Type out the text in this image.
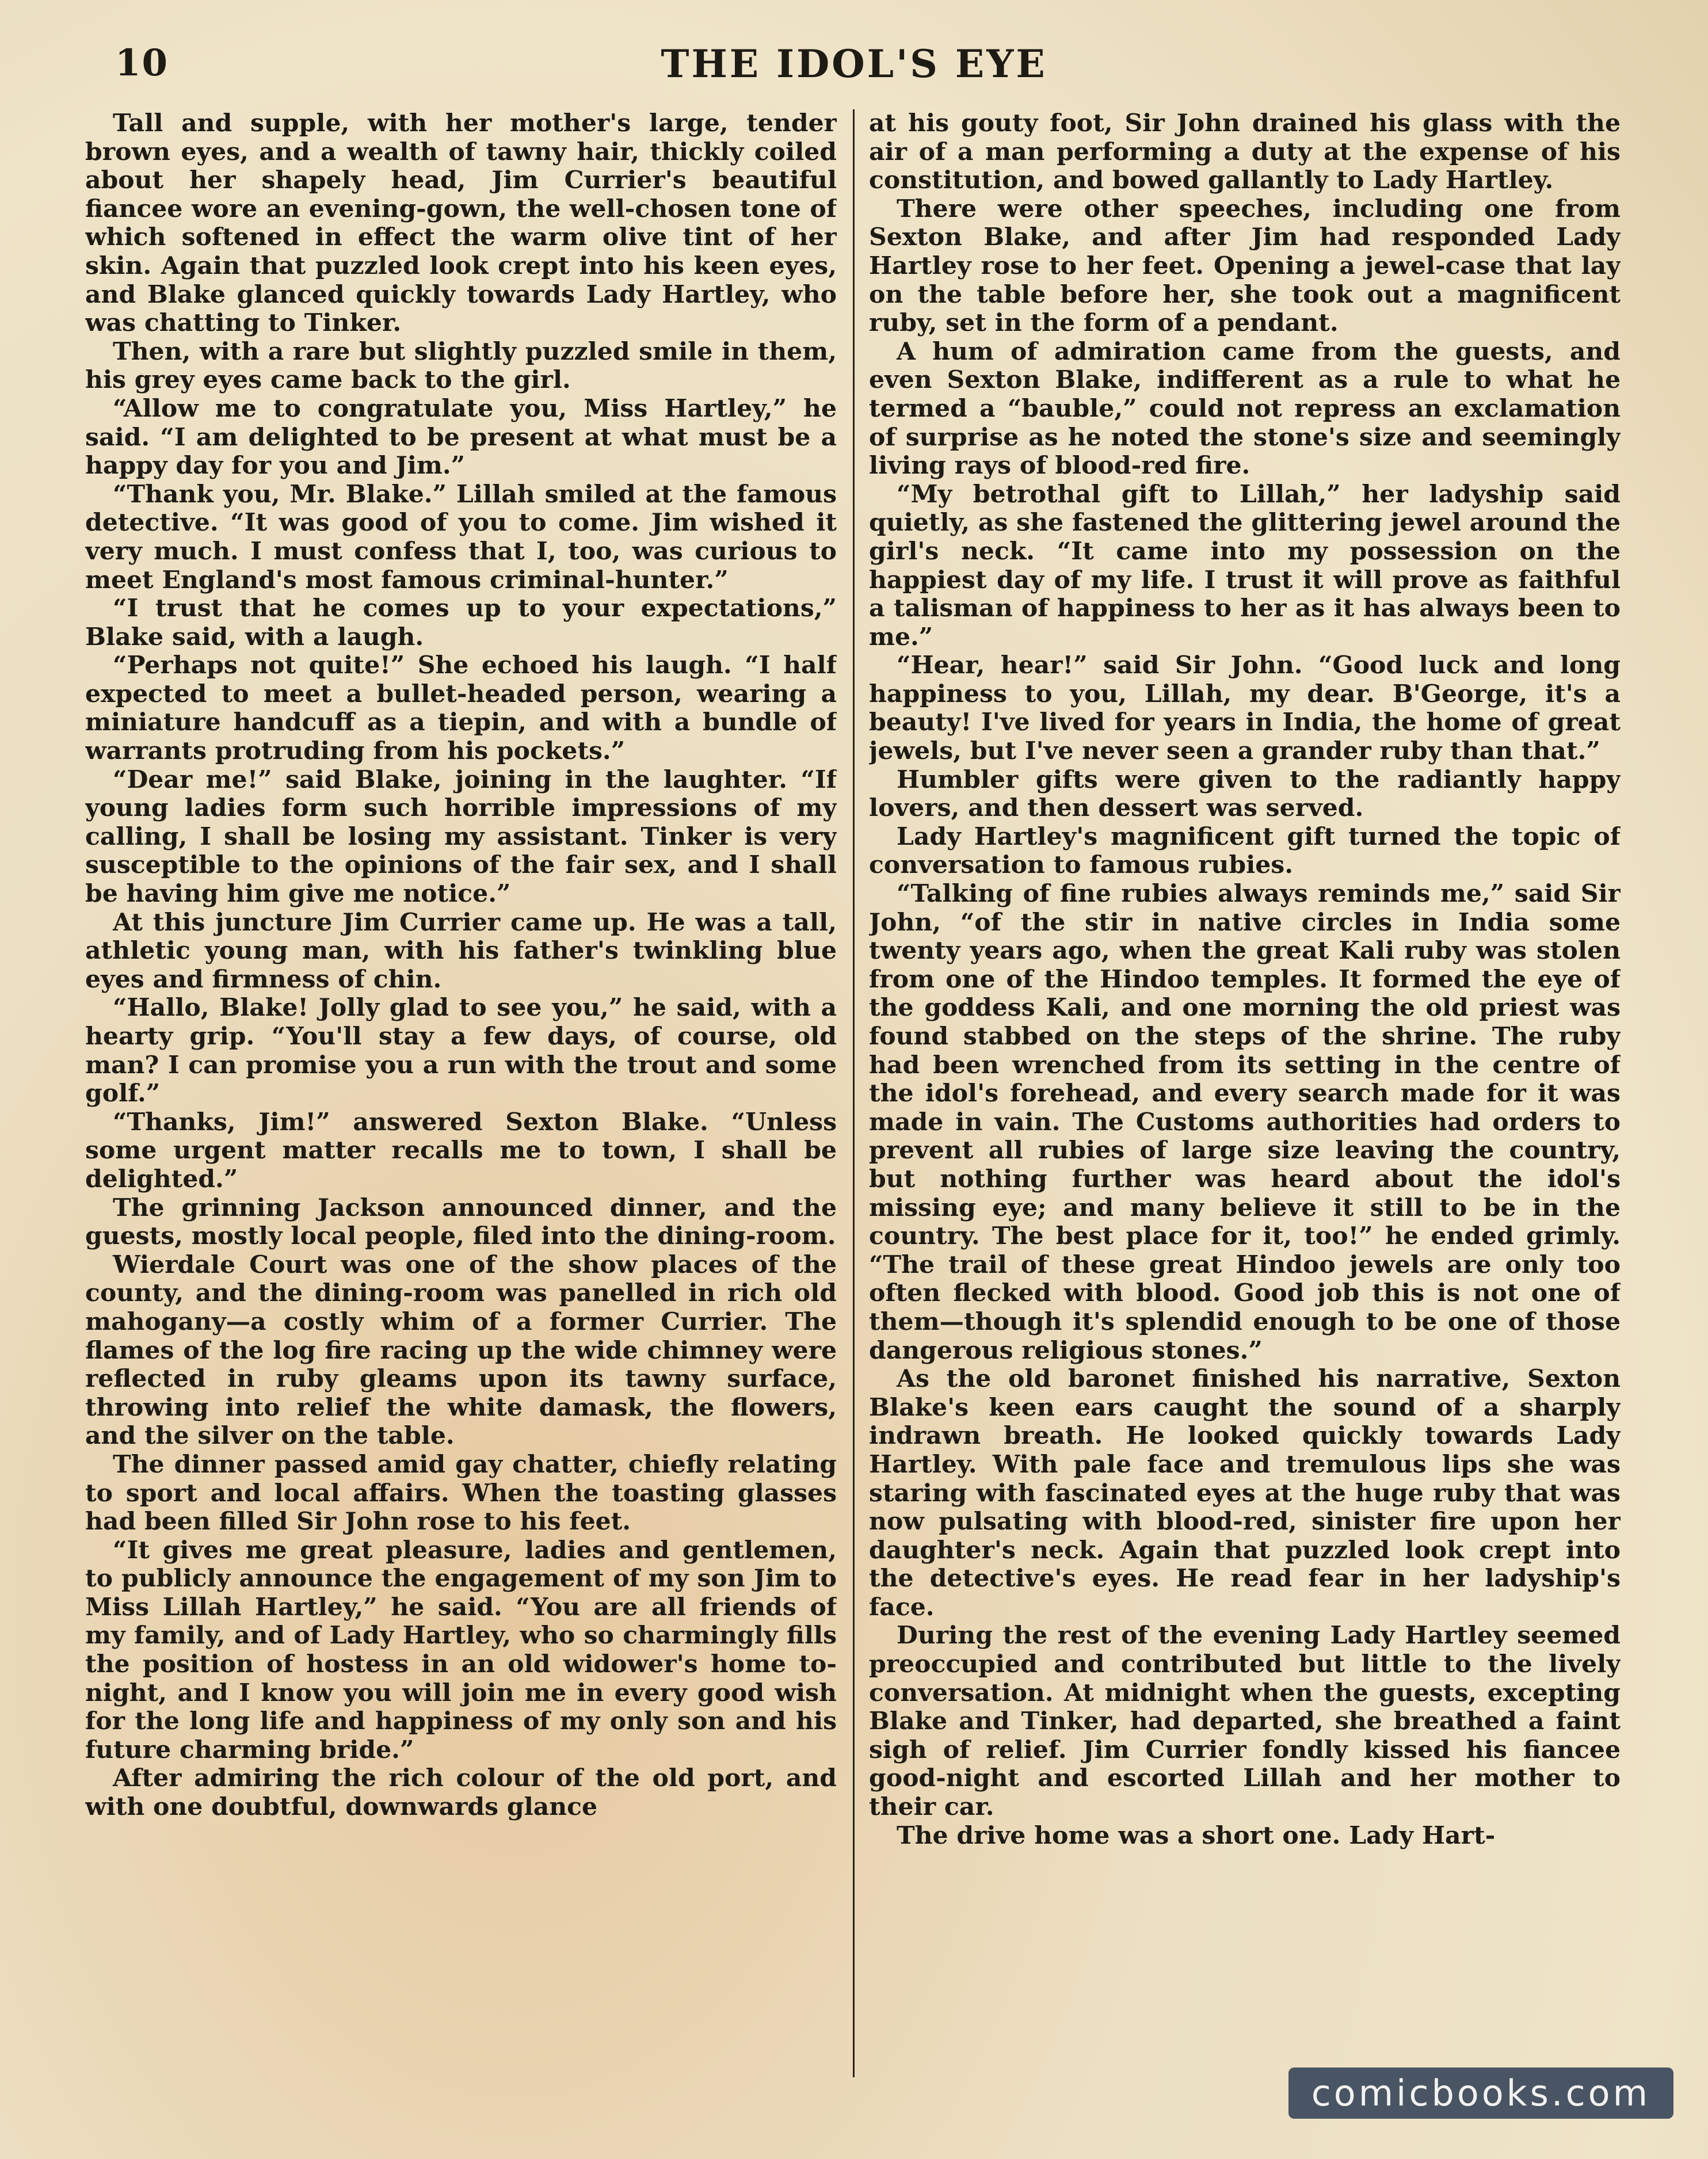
10	THE IDOL'S EYE

Tall and supple, with her mother's large, tender brown eyes, and a wealth of tawny hair, thickly coiled about her shapely head, Jim Currier's beautiful fiancee wore an evening-gown, the well-chosen tone of which softened in effect the warm olive tint of her skin. Again that puzzled look crept into his keen eyes, and Blake glanced quickly towards Lady Hartley, who was chatting to Tinker.

Then, with a rare but slightly puzzled smile in them, his grey eyes came back to the girl.

“Allow me to congratulate you, Miss Hartley,” he said. “I am delighted to be present at what must be a happy day for you and Jim.”

“Thank you, Mr. Blake.” Lillah smiled at the famous detective. “It was good of you to come. Jim wished it very much. I must confess that I, too, was curious to meet England's most famous criminal-hunter.”

“I trust that he comes up to your expectations,” Blake said, with a laugh.

“Perhaps not quite!” She echoed his laugh. “I half expected to meet a bullet-headed person, wearing a miniature handcuff as a tiepin, and with a bundle of warrants protruding from his pockets.”

“Dear me!” said Blake, joining in the laughter. “If young ladies form such horrible impressions of my calling, I shall be losing my assistant. Tinker is very susceptible to the opinions of the fair sex, and I shall be having him give me notice.”

At this juncture Jim Currier came up. He was a tall, athletic young man, with his father's twinkling blue eyes and firmness of chin.

“Hallo, Blake! Jolly glad to see you,” he said, with a hearty grip. “You'll stay a few days, of course, old man? I can promise you a run with the trout and some golf.”

“Thanks, Jim!” answered Sexton Blake. “Unless some urgent matter recalls me to town, I shall be delighted.”

The grinning Jackson announced dinner, and the guests, mostly local people, filed into the dining-room.

Wierdale Court was one of the show places of the county, and the dining-room was panelled in rich old mahogany—a costly whim of a former Currier. The flames of the log fire racing up the wide chimney were reflected in ruby gleams upon its tawny surface, throwing into relief the white damask, the flowers, and the silver on the table.

The dinner passed amid gay chatter, chiefly relating to sport and local affairs. When the toasting glasses had been filled Sir John rose to his feet.

“It gives me great pleasure, ladies and gentlemen, to publicly announce the engagement of my son Jim to Miss Lillah Hartley,” he said. “You are all friends of my family, and of Lady Hartley, who so charmingly fills the position of hostess in an old widower's home to-night, and I know you will join me in every good wish for the long life and happiness of my only son and his future charming bride.”

After admiring the rich colour of the old port, and with one doubtful, downwards glance

at his gouty foot, Sir John drained his glass with the air of a man performing a duty at the expense of his constitution, and bowed gallantly to Lady Hartley.

There were other speeches, including one from Sexton Blake, and after Jim had responded Lady Hartley rose to her feet. Opening a jewel-case that lay on the table before her, she took out a magnificent ruby, set in the form of a pendant.

A hum of admiration came from the guests, and even Sexton Blake, indifferent as a rule to what he termed a “bauble,” could not repress an exclamation of surprise as he noted the stone's size and seemingly living rays of blood-red fire.

“My betrothal gift to Lillah,” her ladyship said quietly, as she fastened the glittering jewel around the girl's neck. “It came into my possession on the happiest day of my life. I trust it will prove as faithful a talisman of happiness to her as it has always been to me.”

“Hear, hear!” said Sir John. “Good luck and long happiness to you, Lillah, my dear. B'George, it's a beauty! I've lived for years in India, the home of great jewels, but I've never seen a grander ruby than that.”

Humbler gifts were given to the radiantly happy lovers, and then dessert was served.

Lady Hartley's magnificent gift turned the topic of conversation to famous rubies.

“Talking of fine rubies always reminds me,” said Sir John, “of the stir in native circles in India some twenty years ago, when the great Kali ruby was stolen from one of the Hindoo temples. It formed the eye of the goddess Kali, and one morning the old priest was found stabbed on the steps of the shrine. The ruby had been wrenched from its setting in the centre of the idol's forehead, and every search made for it was made in vain. The Customs authorities had orders to prevent all rubies of large size leaving the country, but nothing further was heard about the idol's missing eye; and many believe it still to be in the country. The best place for it, too!” he ended grimly. “The trail of these great Hindoo jewels are only too often flecked with blood. Good job this is not one of them—though it's splendid enough to be one of those dangerous religious stones.”

As the old baronet finished his narrative, Sexton Blake's keen ears caught the sound of a sharply indrawn breath. He looked quickly towards Lady Hartley. With pale face and tremulous lips she was staring with fascinated eyes at the huge ruby that was now pulsating with blood-red, sinister fire upon her daughter's neck. Again that puzzled look crept into the detective's eyes. He read fear in her ladyship's face.

During the rest of the evening Lady Hartley seemed preoccupied and contributed but little to the lively conversation. At midnight when the guests, excepting Blake and Tinker, had departed, she breathed a faint sigh of relief. Jim Currier fondly kissed his fiancee good-night and escorted Lillah and her mother to their car.

The drive home was a short one. Lady Hart-

comicbooks.com
